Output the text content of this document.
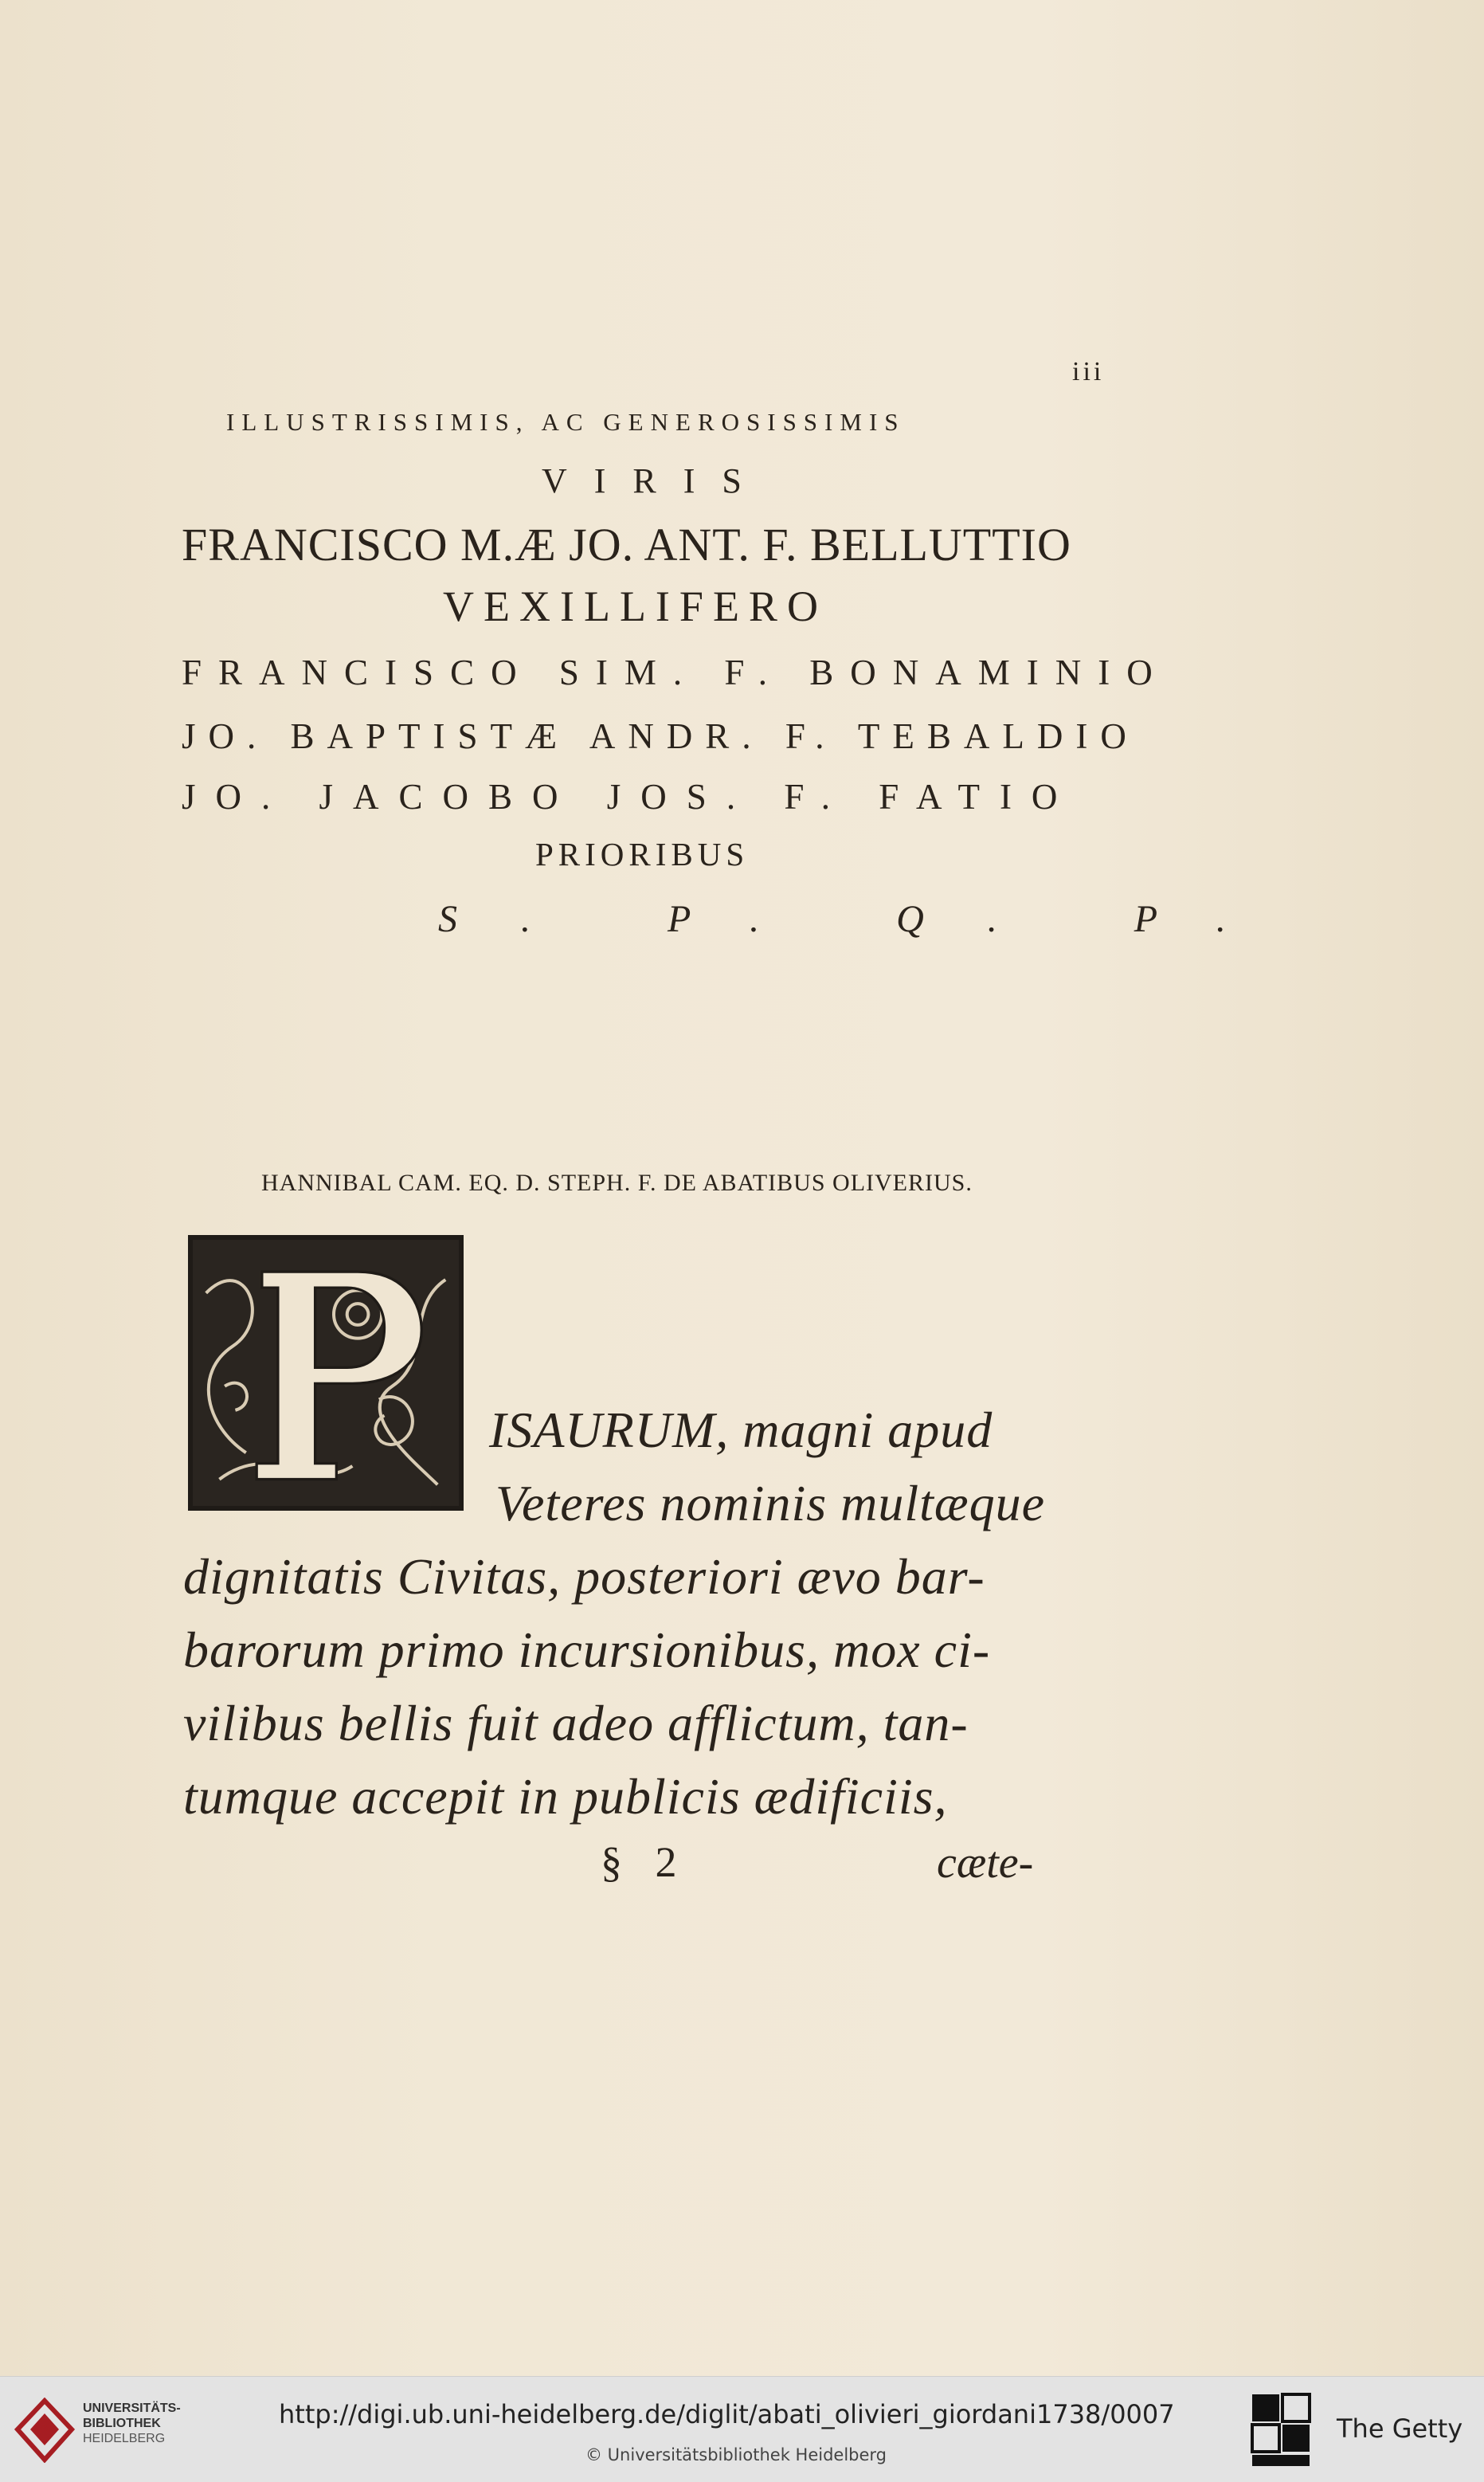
iii
ILLUSTRISSIMIS, AC GENEROSISSIMIS
VIRIS
FRANCISCO M.Æ JO. ANT. F. BELLUTTIO
VEXILLIFERO
FRANCISCO SIM. F. BONAMINIO
JO. BAPTISTÆ ANDR. F. TEBALDIO
JO. JACOBO JOS. F. FATIO
PRIORIBUS
S. P. Q. P.
HANNIBAL CAM. EQ. D. STEPH. F. DE ABATIBUS OLIVERIUS.
ISAURUM, magni apud
Veteres nominis multæque
dignitatis Civitas, posteriori ævo bar-
barorum primo incursionibus, mox ci-
vilibus bellis fuit adeo afflictum, tan-
tumque accepit in publicis ædificiis,
§ 2	cæte-
UNIVERSITÄTS-
BIBLIOTHEK
HEIDELBERG
http://digi.ub.uni-heidelberg.de/diglit/abati_olivieri_giordani1738/0007
© Universitätsbibliothek Heidelberg
The Getty
